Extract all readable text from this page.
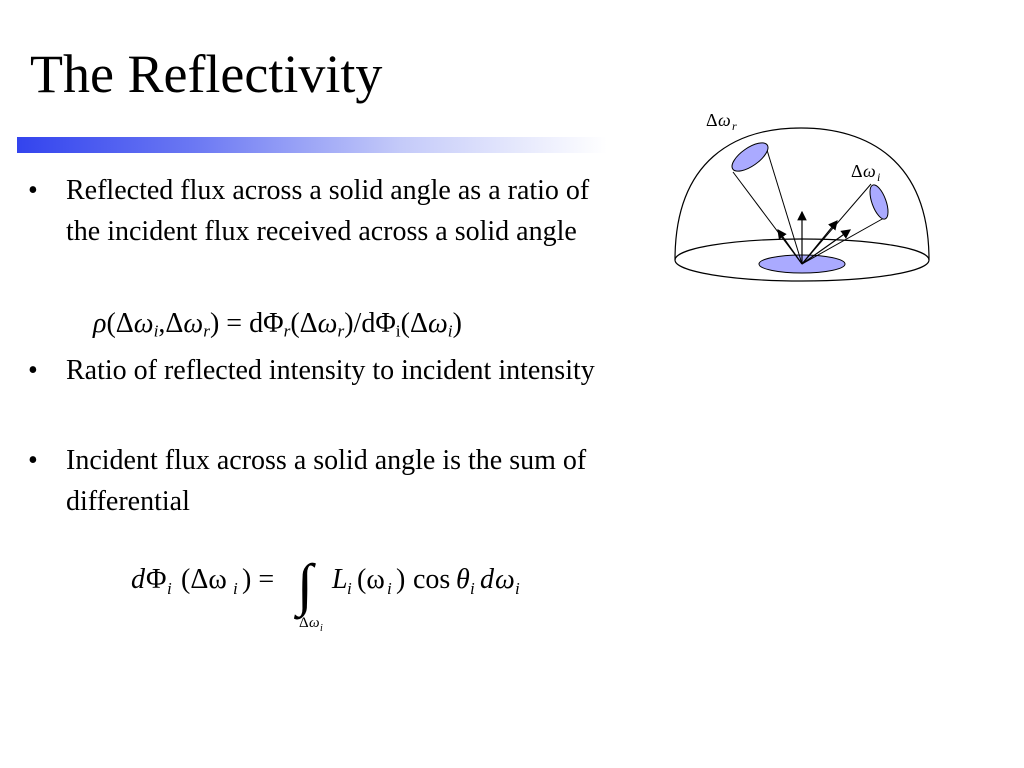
The Reflectivity
• Reflected flux across a solid angle as a ratio of the incident flux received across a solid angle
$\rho(\Delta\omega_i,\Delta\omega_r) = d\Phi_r(\Delta\omega_r)/d\Phi_i(\Delta\omega_i)$
• Ratio of reflected intensity to incident intensity
• Incident flux across a solid angle is the sum of differential
d Φ i (Δω i ) = ∫ L i (ω i ) cos θ i d ω i
Δ ω i
Δ ω r
Δ ω i
